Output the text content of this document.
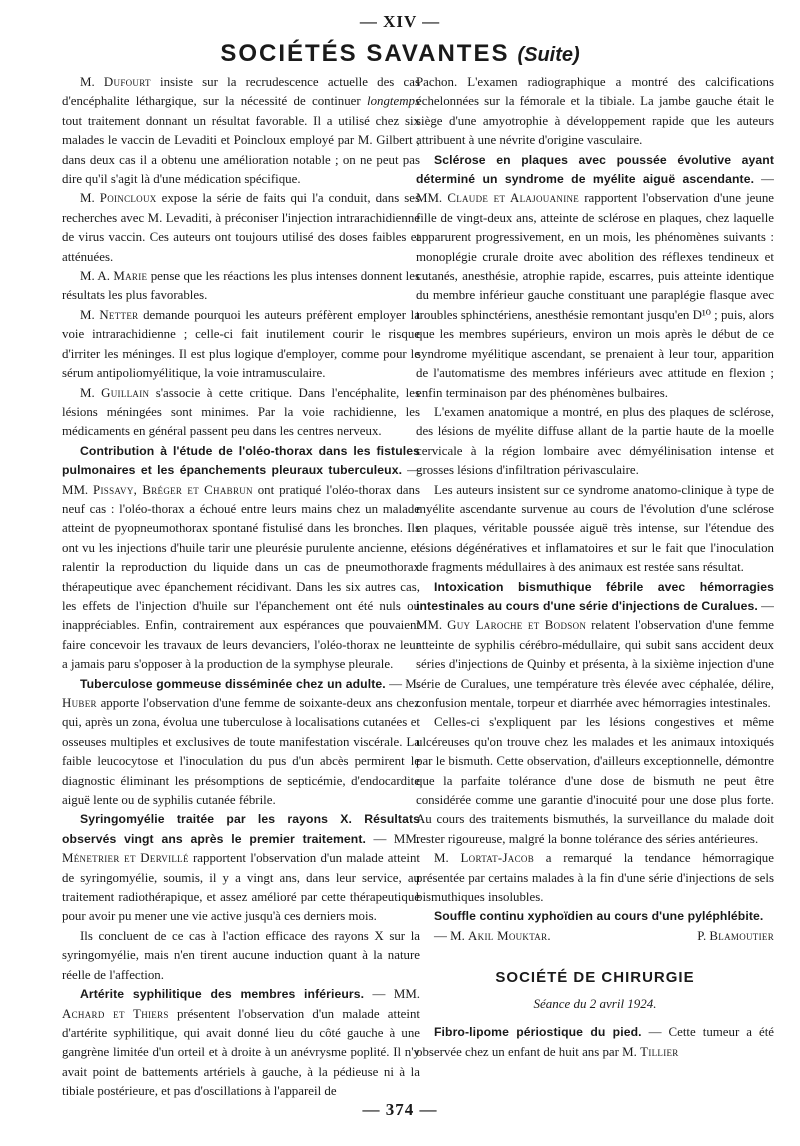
— XIV —
SOCIÉTÉS SAVANTES (Suite)

M. Dufourt insiste sur la recrudescence actuelle des cas d'encéphalite léthargique, sur la nécessité de continuer longtemps tout traitement donnant un résultat favorable. Il a utilisé chez six malades le vaccin de Levaditi et Poincloux employé par M. Gilbert ; dans deux cas il a obtenu une amélioration notable ; on ne peut pas dire qu'il s'agit là d'une médication spécifique.

M. Poincloux expose la série de faits qui l'a conduit, dans ses recherches avec M. Levaditi, à préconiser l'injection intrarachidienne de virus vaccin. Ces auteurs ont toujours utilisé des doses faibles et atténuées.

M. A. Marie pense que les réactions les plus intenses donnent les résultats les plus favorables.

M. Netter demande pourquoi les auteurs préfèrent employer la voie intrarachidienne ; celle-ci fait inutilement courir le risque d'irriter les méninges. Il est plus logique d'employer, comme pour le sérum antipoliomyélitique, la voie intramusculaire.

M. Guillain s'associe à cette critique. Dans l'encéphalite, les lésions méningées sont minimes. Par la voie rachidienne, les médicaments en général passent peu dans les centres nerveux.

Contribution à l'étude de l'oléo-thorax dans les fistules pulmonaires et les épanchements pleuraux tuberculeux. — MM. Pissavy, Bréger et Chabrun ont pratiqué l'oléo-thorax dans neuf cas : l'oléo-thorax a échoué entre leurs mains chez un malade atteint de pyopneumothorax spontané fistulisé dans les bronches. Ils ont vu les injections d'huile tarir une pleurésie purulente ancienne, et ralentir la reproduction du liquide dans un cas de pneumothorax thérapeutique avec épanchement récidivant. Dans les six autres cas, les effets de l'injection d'huile sur l'épanchement ont été nuls ou inappréciables. Enfin, contrairement aux espérances que pouvaient faire concevoir les travaux de leurs devanciers, l'oléo-thorax ne leur a jamais paru s'opposer à la production de la symphyse pleurale.

Tuberculose gommeuse disséminée chez un adulte. — M. Huber apporte l'observation d'une femme de soixante-deux ans chez qui, après un zona, évolua une tuberculose à localisations cutanées et osseuses multiples et exclusives de toute manifestation viscérale. La faible leucocytose et l'inoculation du pus d'un abcès permirent le diagnostic éliminant les présomptions de septicémie, d'endocardite aiguë lente ou de syphilis cutanée fébrile.

Syringomyélie traitée par les rayons X. Résultats observés vingt ans après le premier traitement. — MM. Ménetrier et Dervillé rapportent l'observation d'un malade atteint de syringomyélie, soumis, il y a vingt ans, dans leur service, au traitement radiothérapique, et assez amélioré par cette thérapeutique pour avoir pu mener une vie active jusqu'à ces derniers mois.

Ils concluent de ce cas à l'action efficace des rayons X sur la syringomyélie, mais n'en tirent aucune induction quant à la nature réelle de l'affection.

Artérite syphilitique des membres inférieurs. — MM. Achard et Thiers présentent l'observation d'un malade atteint d'artérite syphilitique, qui avait donné lieu du côté gauche à une gangrène limitée d'un orteil et à droite à un anévrysme poplité. Il n'y avait point de battements artériels à gauche, à la pédieuse ni à la tibiale postérieure, et pas d'oscillations à l'appareil de

Pachon. L'examen radiographique a montré des calcifications échelonnées sur la fémorale et la tibiale. La jambe gauche était le siège d'une amyotrophie à développement rapide que les auteurs attribuent à une névrite d'origine vasculaire.

Sclérose en plaques avec poussée évolutive ayant déterminé un syndrome de myélite aiguë ascendante. — MM. Claude et Alajouanine rapportent l'observation d'une jeune fille de vingt-deux ans, atteinte de sclérose en plaques, chez laquelle apparurent progressivement, en un mois, les phénomènes suivants : monoplégie crurale droite avec abolition des réflexes tendineux et cutanés, anesthésie, atrophie rapide, escarres, puis atteinte identique du membre inférieur gauche constituant une paraplégie flasque avec troubles sphinctériens, anesthésie remontant jusqu'en D¹⁰ ; puis, alors que les membres supérieurs, environ un mois après le début de ce syndrome myélitique ascendant, se prenaient à leur tour, apparition de l'automatisme des membres inférieurs avec attitude en flexion ; enfin terminaison par des phénomènes bulbaires.

L'examen anatomique a montré, en plus des plaques de sclérose, des lésions de myélite diffuse allant de la partie haute de la moelle cervicale à la région lombaire avec démyélinisation intense et grosses lésions d'infiltration périvasculaire.

Les auteurs insistent sur ce syndrome anatomo-clinique à type de myélite ascendante survenue au cours de l'évolution d'une sclérose en plaques, véritable poussée aiguë très intense, sur l'étendue des lésions dégénératives et inflamatoires et sur le fait que l'inoculation de fragments médullaires à des animaux est restée sans résultat.

Intoxication bismuthique fébrile avec hémorragies intestinales au cours d'une série d'injections de Curalues. — MM. Guy Laroche et Bodson relatent l'observation d'une femme atteinte de syphilis cérébro-médullaire, qui subit sans accident deux séries d'injections de Quinby et présenta, à la sixième injection d'une série de Curalues, une température très élevée avec céphalée, délire, confusion mentale, torpeur et diarrhée avec hémorragies intestinales.

Celles-ci s'expliquent par les lésions congestives et même ulcéreuses qu'on trouve chez les malades et les animaux intoxiqués par le bismuth. Cette observation, d'ailleurs exceptionnelle, démontre que la parfaite tolérance d'une dose de bismuth ne peut être considérée comme une garantie d'inocuité pour une dose plus forte. Au cours des traitements bismuthés, la surveillance du malade doit rester rigoureuse, malgré la bonne tolérance des séries antérieures.

M. Lortat-Jacob a remarqué la tendance hémorragique présentée par certains malades à la fin d'une série d'injections de sels bismuthiques insolubles.

Souffle continu xyphoïdien au cours d'une pyléphlébite.

— M. Akil Mouktar.	P. Blamoutier
SOCIÉTÉ DE CHIRURGIE
Séance du 2 avril 1924.

Fibro-lipome périostique du pied. — Cette tumeur a été observée chez un enfant de huit ans par M. Tillier

— 374 —
